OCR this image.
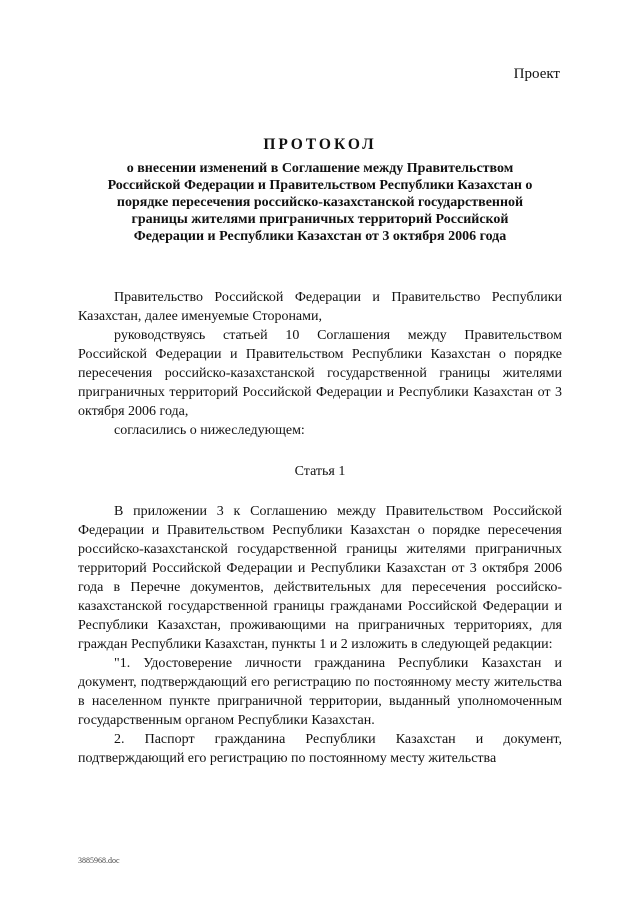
Проект
ПРОТОКОЛ
о внесении изменений в Соглашение между Правительством Российской Федерации и Правительством Республики Казахстан о порядке пересечения российско-казахстанской государственной границы жителями приграничных территорий Российской Федерации и Республики Казахстан от 3 октября 2006 года

Правительство Российской Федерации и Правительство Республики Казахстан, далее именуемые Сторонами,

руководствуясь статьей 10 Соглашения между Правительством Российской Федерации и Правительством Республики Казахстан о порядке пересечения российско-казахстанской государственной границы жителями приграничных территорий Российской Федерации и Республики Казахстан от 3 октября 2006 года,

согласились о нижеследующем:

Статья 1

В приложении 3 к Соглашению между Правительством Российской Федерации и Правительством Республики Казахстан о порядке пересечения российско-казахстанской государственной границы жителями приграничных территорий Российской Федерации и Республики Казахстан от 3 октября 2006 года в Перечне документов, действительных для пересечения российско-казахстанской государственной границы гражданами Российской Федерации и Республики Казахстан, проживающими на приграничных территориях, для граждан Республики Казахстан, пункты 1 и 2 изложить в следующей редакции:

"1. Удостоверение личности гражданина Республики Казахстан и документ, подтверждающий его регистрацию по постоянному месту жительства в населенном пункте приграничной территории, выданный уполномоченным государственным органом Республики Казахстан.

2. Паспорт гражданина Республики Казахстан и документ, подтверждающий его регистрацию по постоянному месту жительства

3885968.doc
